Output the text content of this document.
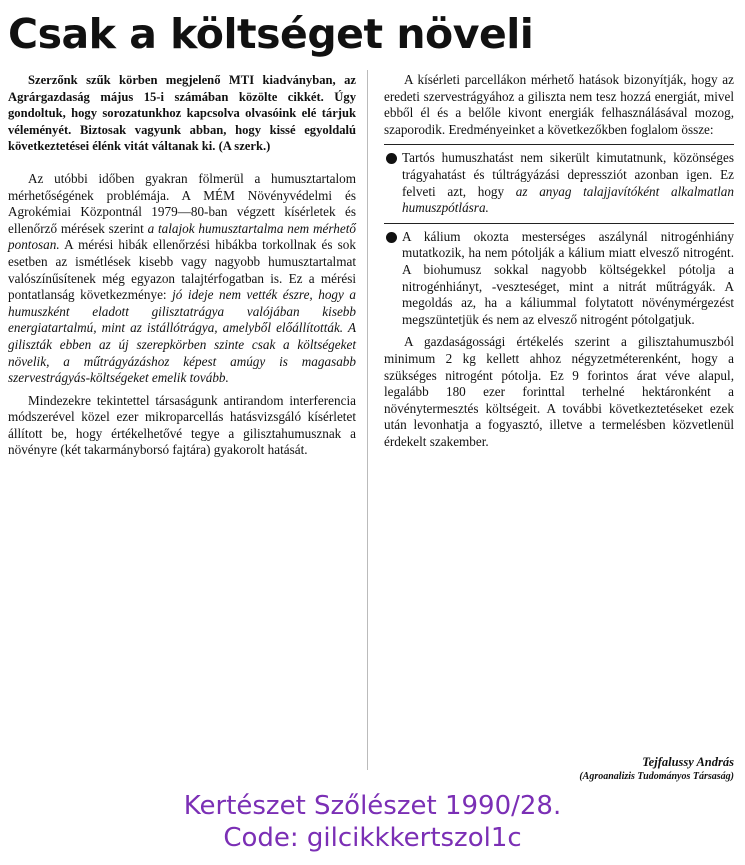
Csak a költséget növeli

Szerzőnk szűk körben megjelenő MTI kiadványban, az Agrárgazdaság május 15-i számában közölte cikkét. Úgy gondoltuk, hogy sorozatunkhoz kapcsolva olvasóink elé tárjuk véleményét. Biztosak vagyunk abban, hogy kissé egyoldalú következtetései élénk vitát váltanak ki. (A szerk.)

Az utóbbi időben gyakran fölmerül a humusztartalom mérhetőségének problémája. A MÉM Növényvédelmi és Agrokémiai Központnál 1979—80-ban végzett kísérletek és ellenőrző mérések szerint a talajok humusztartalma nem mérhető pontosan. A mérési hibák ellenőrzési hibákba torkollnak és sok esetben az ismétlések kisebb vagy nagyobb humusztartalmat valószínűsítenek még egyazon talajtérfogatban is. Ez a mérési pontatlanság következménye: jó ideje nem vették észre, hogy a humuszként eladott gilisztatrágya valójában kisebb energiatartalmú, mint az istállótrágya, amelyből előállították. A giliszták ebben az új szerepkörben szinte csak a költségeket növelik, a műtrágyázáshoz képest amúgy is magasabb szervestrágyás-költségeket emelik tovább.

Mindezekre tekintettel társaságunk antirandom interferencia módszerével közel ezer mikroparcellás hatásvizsgáló kísérletet állított be, hogy értékelhetővé tegye a gilisztahumusznak a növényre (két takarmányborsó fajtára) gyakorolt hatását.

A kísérleti parcellákon mérhető hatások bizonyítják, hogy az eredeti szervestrágyához a giliszta nem tesz hozzá energiát, mivel ebből él és a belőle kivont energiák felhasználásával mozog, szaporodik. Eredményeinket a következőkben foglalom össze:

Tartós humuszhatást nem sikerült kimutatnunk, közönséges trágyahatást és túltrágyázási depressziót azonban igen. Ez felveti azt, hogy az anyag talajjavítóként alkalmatlan humuszpótlásra.

A kálium okozta mesterséges aszálynál nitrogénhiány mutatkozik, ha nem pótolják a kálium miatt elvesző nitrogént. A biohumusz sokkal nagyobb költségekkel pótolja a nitrogénhiányt, -veszteséget, mint a nitrát műtrágyák. A megoldás az, ha a káliummal folytatott növénymérgezést megszüntetjük és nem az elvesző nitrogént pótolgatjuk.

A gazdaságossági értékelés szerint a gilisztahumuszból minimum 2 kg kellett ahhoz négyzetméterenként, hogy a szükséges nitrogént pótolja. Ez 9 forintos árat véve alapul, legalább 180 ezer forinttal terhelné hektáronként a növénytermesztés költségeit. A további következtetéseket ezek után levonhatja a fogyasztó, illetve a termelésben közvetlenül érdekelt szakember.

Tejfalussy András
(Agroanalizis Tudományos Társaság)
Kertészet Szőlészet 1990/28.
Code: gilcikkkertszol1c
